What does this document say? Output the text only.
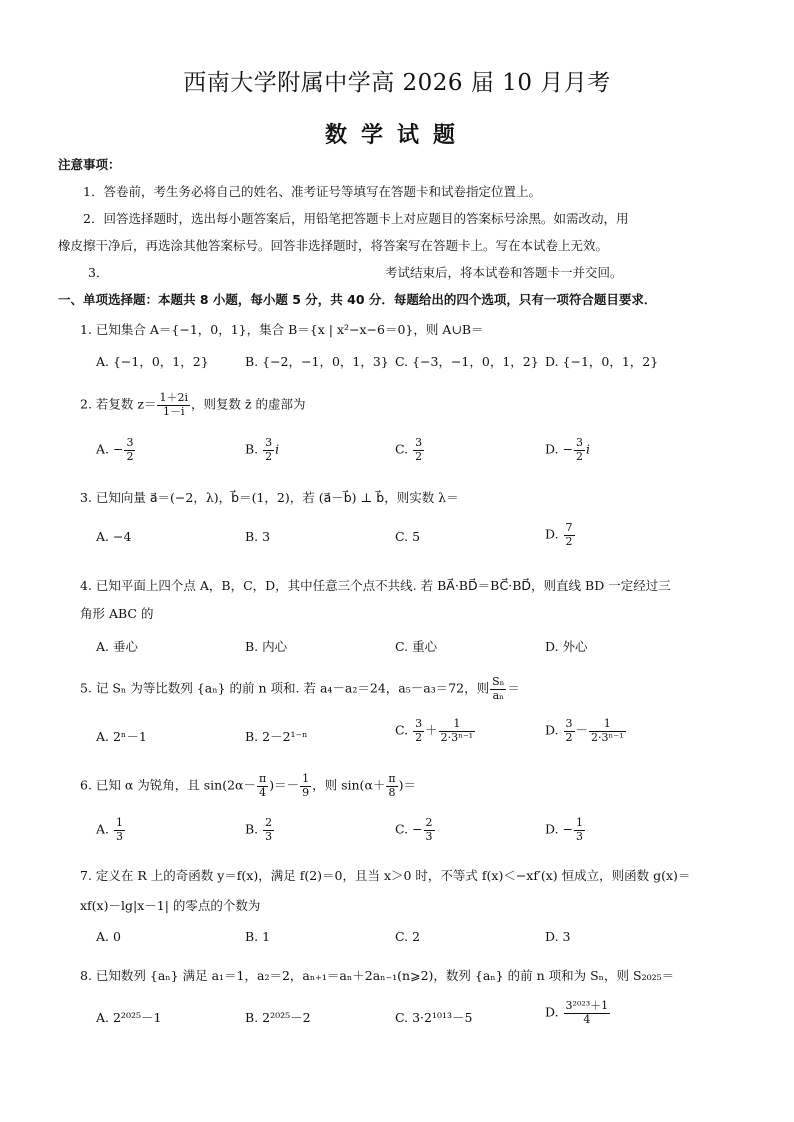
西南大学附属中学高 2026 届 10 月月考
数学试题
注意事项：
1．答卷前，考生务必将自己的姓名、准考证号等填写在答题卡和试卷指定位置上。
2．回答选择题时，选出每小题答案后，用铅笔把答题卡上对应题目的答案标号涂黑。如需改动，用
橡皮擦干净后，再选涂其他答案标号。回答非选择题时，将答案写在答题卡上。写在本试卷上无效。
3．	考试结束后，将本试卷和答题卡一并交回。
一、单项选择题：本题共 8 小题，每小题 5 分，共 40 分．每题给出的四个选项，只有一项符合题目要求．
1. 已知集合 A＝{−1，0，1}，集合 B＝{x | x²−x−6＝0}，则 A∪B＝
A. {−1，0，1，2}	B. {−2，−1，0，1，3} C. {−3，−1，0，1，2} D. {−1，0，1，2}
2. 若复数 $z= \frac{1+2i}{1-i}$ ，则复数 z̄ 的虚部为
A. − $\frac{3}{2}$	B. $\frac{3}{2}$ i	C. $\frac{3}{2}$	D. − $\frac{3}{2}$ i
3. 已知向量 a⃗＝(−2，λ)，b⃗＝(1，2)，若 (a⃗－b⃗) ⊥ b⃗，则实数 λ＝
A. −4	B. 3	C. 5	D. $\frac{7}{2}$
4. 已知平面上四个点 A，B，C，D，其中任意三个点不共线. 若 BA⃗·BD⃗＝BC⃗·BD⃗，则直线 BD 一定经过三
角形 ABC 的
A. 垂心	B. 内心	C. 重心	D. 外心
5. 记 Sₙ 为等比数列 {aₙ} 的前 n 项和. 若 a₄－a₂＝24，a₅－a₃＝72，则 $\frac{\text{Sₙ}}{\text{aₙ}}$ ＝
A. 2ⁿ－1	B. 2－2¹⁻ⁿ	C. $\frac{3}{2} + \frac{1}{\text{2·3ⁿ⁻¹}}$	D. $\frac{3}{2} - \frac{1}{\text{2·3ⁿ⁻¹}}$
6. 已知 α 为锐角，且 $\sin(2\alpha- \frac{\pi}{4}$ )＝－ $\frac{1}{9}$ ，则 $\sin(\alpha+ \frac{\pi}{8}$ )＝
A. $\frac{1}{3}$	B. $\frac{2}{3}$	C. − $\frac{2}{3}$	D. − $\frac{1}{3}$
7. 定义在 R 上的奇函数 y＝f(x)，满足 f(2)＝0，且当 x＞0 时，不等式 f(x)＜−xf′(x) 恒成立，则函数 g(x)＝
xf(x)－lg|x－1| 的零点的个数为
A. 0	B. 1	C. 2	D. 3
8. 已知数列 {aₙ} 满足 a₁＝1，a₂＝2，aₙ₊₁＝aₙ＋2aₙ₋₁(n⩾2)，数列 {aₙ} 的前 n 项和为 Sₙ，则 S₂₀₂₅＝
A. 2²⁰²⁵－1	B. 2²⁰²⁵－2	C. 3·2¹⁰¹³－5	D. $\frac{\text{3²⁰²³＋1}}{4}$
